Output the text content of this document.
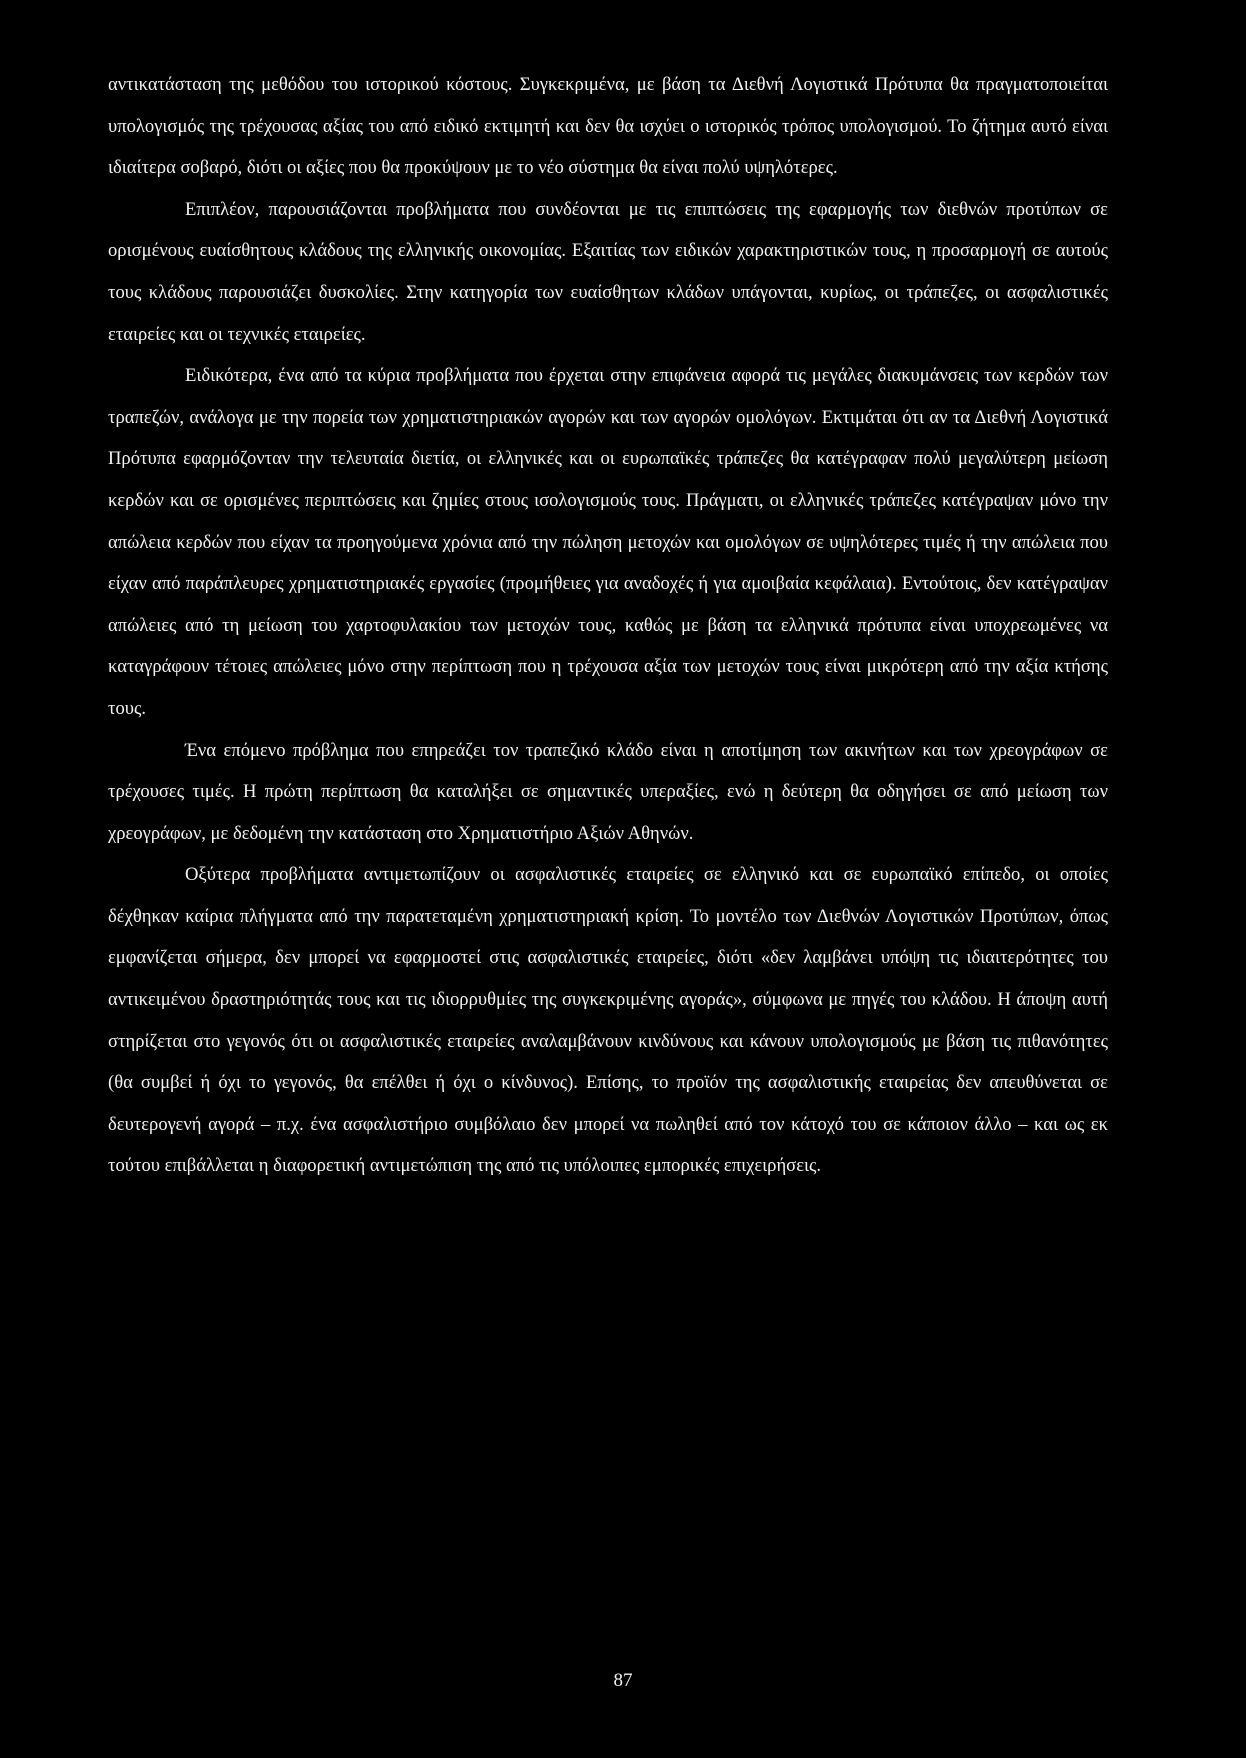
αντικατάσταση της μεθόδου του ιστορικού κόστους. Συγκεκριμένα, με βάση τα Διεθνή Λογιστικά Πρότυπα θα πραγματοποιείται υπολογισμός της τρέχουσας αξίας του από ειδικό εκτιμητή και δεν θα ισχύει ο ιστορικός τρόπος υπολογισμού. Το ζήτημα αυτό είναι ιδιαίτερα σοβαρό, διότι οι αξίες που θα προκύψουν με το νέο σύστημα θα είναι πολύ υψηλότερες.

Επιπλέον, παρουσιάζονται προβλήματα που συνδέονται με τις επιπτώσεις της εφαρμογής των διεθνών προτύπων σε ορισμένους ευαίσθητους κλάδους της ελληνικής οικονομίας. Εξαιτίας των ειδικών χαρακτηριστικών τους, η προσαρμογή σε αυτούς τους κλάδους παρουσιάζει δυσκολίες. Στην κατηγορία των ευαίσθητων κλάδων υπάγονται, κυρίως, οι τράπεζες, οι ασφαλιστικές εταιρείες και οι τεχνικές εταιρείες.

Ειδικότερα, ένα από τα κύρια προβλήματα που έρχεται στην επιφάνεια αφορά τις μεγάλες διακυμάνσεις των κερδών των τραπεζών, ανάλογα με την πορεία των χρηματιστηριακών αγορών και των αγορών ομολόγων. Εκτιμάται ότι αν τα Διεθνή Λογιστικά Πρότυπα εφαρμόζονταν την τελευταία διετία, οι ελληνικές και οι ευρωπαϊκές τράπεζες θα κατέγραφαν πολύ μεγαλύτερη μείωση κερδών και σε ορισμένες περιπτώσεις και ζημίες στους ισολογισμούς τους. Πράγματι, οι ελληνικές τράπεζες κατέγραψαν μόνο την απώλεια κερδών που είχαν τα προηγούμενα χρόνια από την πώληση μετοχών και ομολόγων σε υψηλότερες τιμές ή την απώλεια που είχαν από παράπλευρες χρηματιστηριακές εργασίες (προμήθειες για αναδοχές ή για αμοιβαία κεφάλαια). Εντούτοις, δεν κατέγραψαν απώλειες από τη μείωση του χαρτοφυλακίου των μετοχών τους, καθώς με βάση τα ελληνικά πρότυπα είναι υποχρεωμένες να καταγράφουν τέτοιες απώλειες μόνο στην περίπτωση που η τρέχουσα αξία των μετοχών τους είναι μικρότερη από την αξία κτήσης τους.

Ένα επόμενο πρόβλημα που επηρεάζει τον τραπεζικό κλάδο είναι η αποτίμηση των ακινήτων και των χρεογράφων σε τρέχουσες τιμές. Η πρώτη περίπτωση θα καταλήξει σε σημαντικές υπεραξίες, ενώ η δεύτερη θα οδηγήσει σε από μείωση των χρεογράφων, με δεδομένη την κατάσταση στο Χρηματιστήριο Αξιών Αθηνών.

Οξύτερα προβλήματα αντιμετωπίζουν οι ασφαλιστικές εταιρείες σε ελληνικό και σε ευρωπαϊκό επίπεδο, οι οποίες δέχθηκαν καίρια πλήγματα από την παρατεταμένη χρηματιστηριακή κρίση. Το μοντέλο των Διεθνών Λογιστικών Προτύπων, όπως εμφανίζεται σήμερα, δεν μπορεί να εφαρμοστεί στις ασφαλιστικές εταιρείες, διότι «δεν λαμβάνει υπόψη τις ιδιαιτερότητες του αντικειμένου δραστηριότητάς τους και τις ιδιορρυθμίες της συγκεκριμένης αγοράς», σύμφωνα με πηγές του κλάδου. Η άποψη αυτή στηρίζεται στο γεγονός ότι οι ασφαλιστικές εταιρείες αναλαμβάνουν κινδύνους και κάνουν υπολογισμούς με βάση τις πιθανότητες (θα συμβεί ή όχι το γεγονός, θα επέλθει ή όχι ο κίνδυνος). Επίσης, το προϊόν της ασφαλιστικής εταιρείας δεν απευθύνεται σε δευτερογενή αγορά – π.χ. ένα ασφαλιστήριο συμβόλαιο δεν μπορεί να πωληθεί από τον κάτοχό του σε κάποιον άλλο – και ως εκ τούτου επιβάλλεται η διαφορετική αντιμετώπιση της από τις υπόλοιπες εμπορικές επιχειρήσεις.

87
